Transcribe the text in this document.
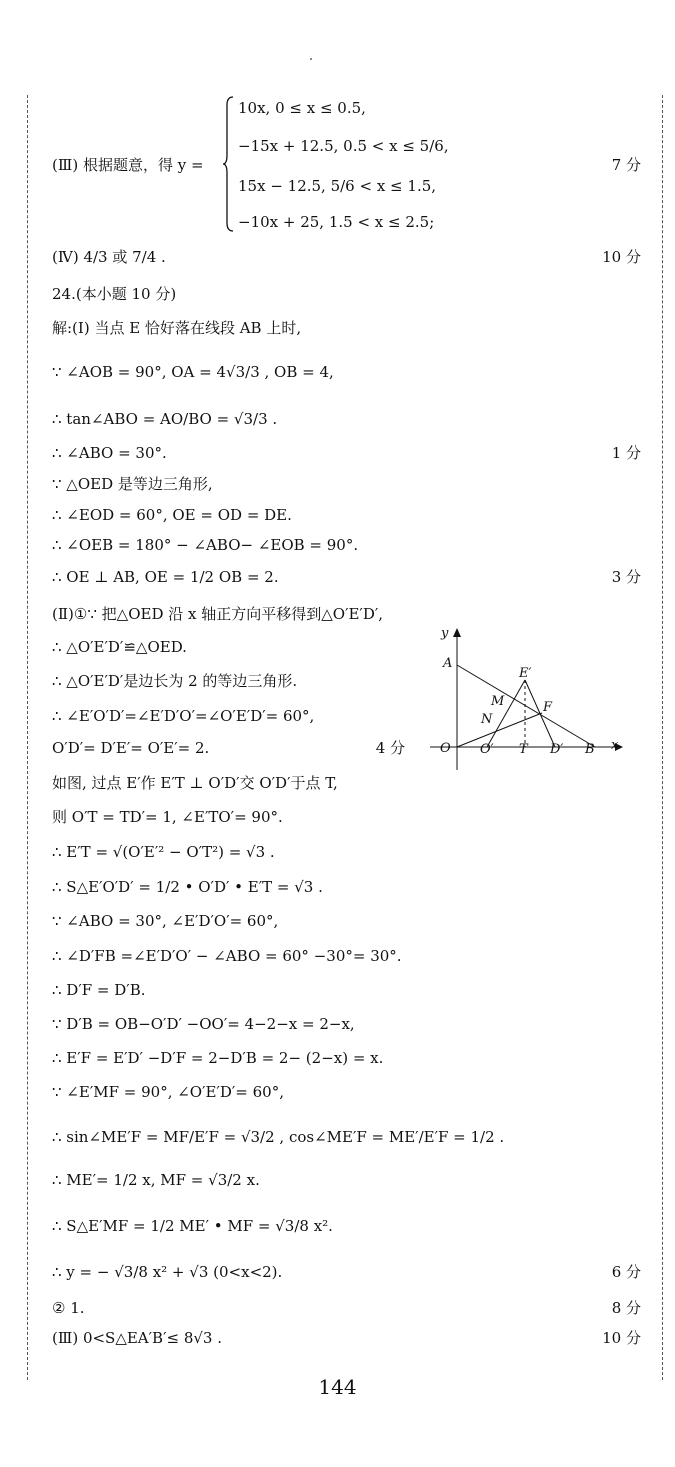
10x, 0 ≤ x ≤ 0.5,
−15x + 12.5, 0.5 < x ≤ 5/6,
15x − 12.5, 5/6 < x ≤ 1.5,
−10x + 25, 1.5 < x ≤ 2.5;
(Ⅲ) 根据题意，得 y =	7 分
(Ⅳ) 4/3 或 7/4 .	10 分
24.(本小题 10 分)
解:(Ⅰ) 当点 E 恰好落在线段 AB 上时,
∵ ∠AOB = 90°, OA = 4√3/3 , OB = 4,
∴ tan∠ABO = AO/BO = √3/3 .
∴ ∠ABO = 30°.	1 分
∵ △OED 是等边三角形,
∴ ∠EOD = 60°, OE = OD = DE.
∴ ∠OEB = 180° − ∠ABO− ∠EOB = 90°.
∴ OE ⊥ AB, OE = 1/2 OB = 2.	3 分
(Ⅱ)①∵ 把△OED 沿 x 轴正方向平移得到△O′E′D′,
∴ △O′E′D′≌△OED.
∴ △O′E′D′是边长为 2 的等边三角形.
∴ ∠E′O′D′=∠E′D′O′=∠O′E′D′= 60°,
O′D′= D′E′= O′E′= 2.	4 分
如图, 过点 E′作 E′T ⊥ O′D′交 O′D′于点 T,
则 O′T = TD′= 1, ∠E′TO′= 90°.
∴ E′T = √(O′E′² − O′T²) = √3 .
∴ S△E′O′D′ = 1/2 • O′D′ • E′T = √3 .
∵ ∠ABO = 30°, ∠E′D′O′= 60°,
∴ ∠D′FB =∠E′D′O′ − ∠ABO = 60° −30°= 30°.
∴ D′F = D′B.
∵ D′B = OB−O′D′ −OO′= 4−2−x = 2−x,
∴ E′F = E′D′ −D′F = 2−D′B = 2− (2−x) = x.
∵ ∠E′MF = 90°, ∠O′E′D′= 60°,
∴ sin∠ME′F = MF/E′F = √3/2 , cos∠ME′F = ME′/E′F = 1/2 .
∴ ME′= 1/2 x, MF = √3/2 x.
∴ S△E′MF = 1/2 ME′ • MF = √3/8 x².
∴ y = − √3/8 x² + √3 (0<x<2).	6 分
② 1.	8 分
(Ⅲ) 0<S△EA′B′≤ 8√3 .	10 分
y
x
A
E′
M	F
N
O O′ T D′ B
144
